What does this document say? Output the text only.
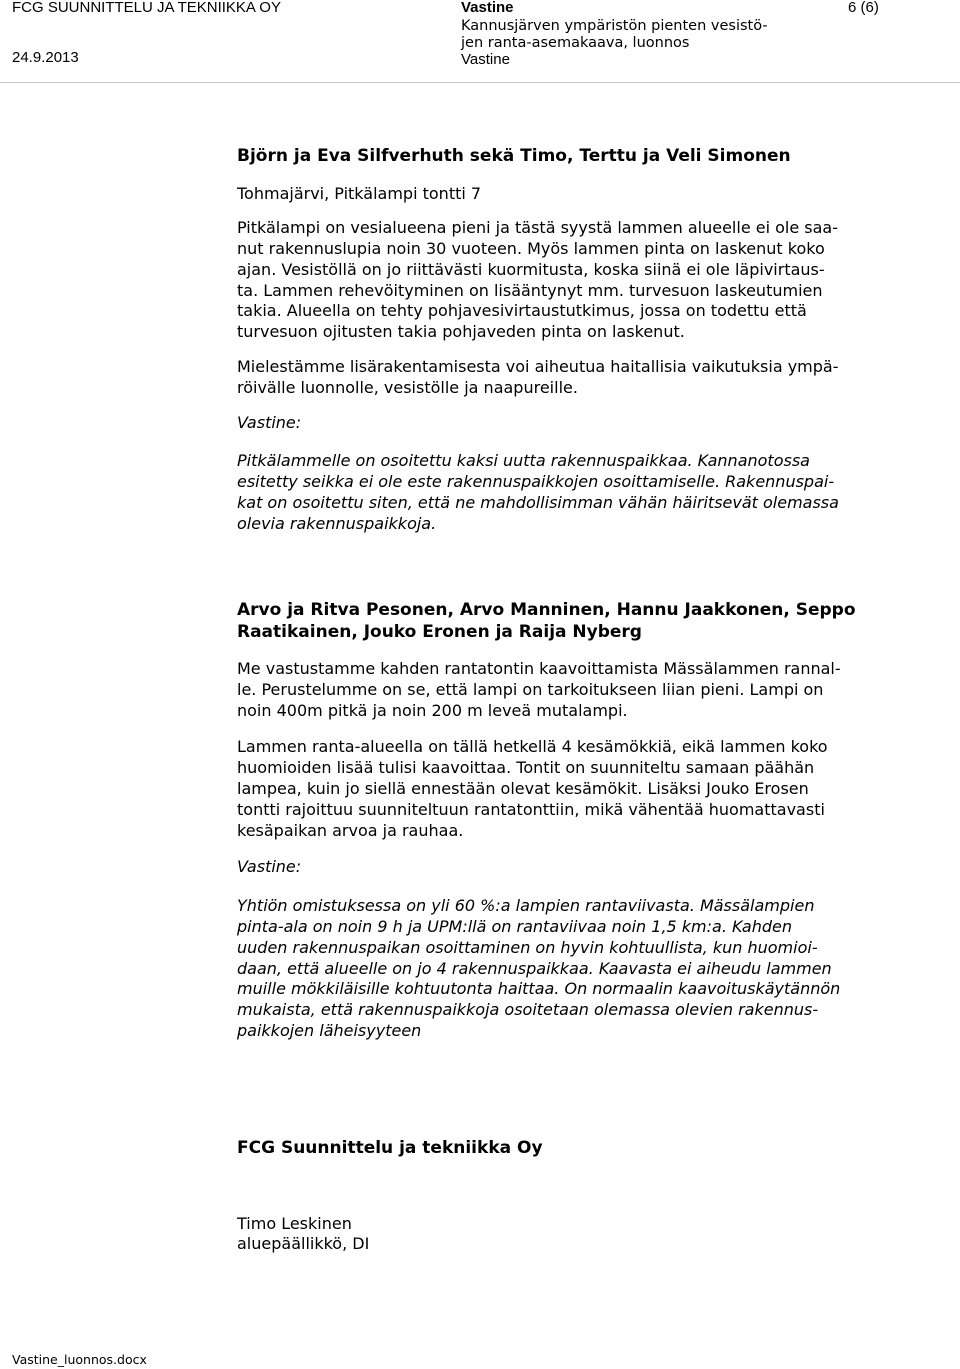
FCG SUUNNITTELU JA TEKNIIKKA OY
24.9.2013
Vastine
Kannusjärven ympäristön pienten vesistö-
jen ranta-asemakaava, luonnos
Vastine
6 (6)

Björn ja Eva Silfverhuth sekä Timo, Terttu ja Veli Simonen

Tohmajärvi, Pitkälampi tontti 7

Pitkälampi on vesialueena pieni ja tästä syystä lammen alueelle ei ole saa-

nut rakennuslupia noin 30 vuoteen. Myös lammen pinta on laskenut koko

ajan. Vesistöllä on jo riittävästi kuormitusta, koska siinä ei ole läpivirtaus-

ta. Lammen rehevöityminen on lisääntynyt mm. turvesuon laskeutumien

takia. Alueella on tehty pohjavesivirtaustutkimus, jossa on todettu että

turvesuon ojitusten takia pohjaveden pinta on laskenut.

Mielestämme lisärakentamisesta voi aiheutua haitallisia vaikutuksia ympä-

röivälle luonnolle, vesistölle ja naapureille.

Vastine:

Pitkälammelle on osoitettu kaksi uutta rakennuspaikkaa. Kannanotossa

esitetty seikka ei ole este rakennuspaikkojen osoittamiselle. Rakennuspai-

kat on osoitettu siten, että ne mahdollisimman vähän häiritsevät olemassa

olevia rakennuspaikkoja.

Arvo ja Ritva Pesonen, Arvo Manninen, Hannu Jaakkonen, Seppo

Raatikainen, Jouko Eronen ja Raija Nyberg

Me vastustamme kahden rantatontin kaavoittamista Mässälammen rannal-

le. Perustelumme on se, että lampi on tarkoitukseen liian pieni. Lampi on

noin 400m pitkä ja noin 200 m leveä mutalampi.

Lammen ranta-alueella on tällä hetkellä 4 kesämökkiä, eikä lammen koko

huomioiden lisää tulisi kaavoittaa. Tontit on suunniteltu samaan päähän

lampea, kuin jo siellä ennestään olevat kesämökit. Lisäksi Jouko Erosen

tontti rajoittuu suunniteltuun rantatonttiin, mikä vähentää huomattavasti

kesäpaikan arvoa ja rauhaa.

Vastine:

Yhtiön omistuksessa on yli 60 %:a lampien rantaviivasta. Mässälampien

pinta-ala on noin 9 h ja UPM:llä on rantaviivaa noin 1,5 km:a. Kahden

uuden rakennuspaikan osoittaminen on hyvin kohtuullista, kun huomioi-

daan, että alueelle on jo 4 rakennuspaikkaa. Kaavasta ei aiheudu lammen

muille mökkiläisille kohtuutonta haittaa. On normaalin kaavoituskäytännön

mukaista, että rakennuspaikkoja osoitetaan olemassa olevien rakennus-

paikkojen läheisyyteen

FCG Suunnittelu ja tekniikka Oy

Timo Leskinen

aluepäällikkö, DI

Vastine_luonnos.docx
